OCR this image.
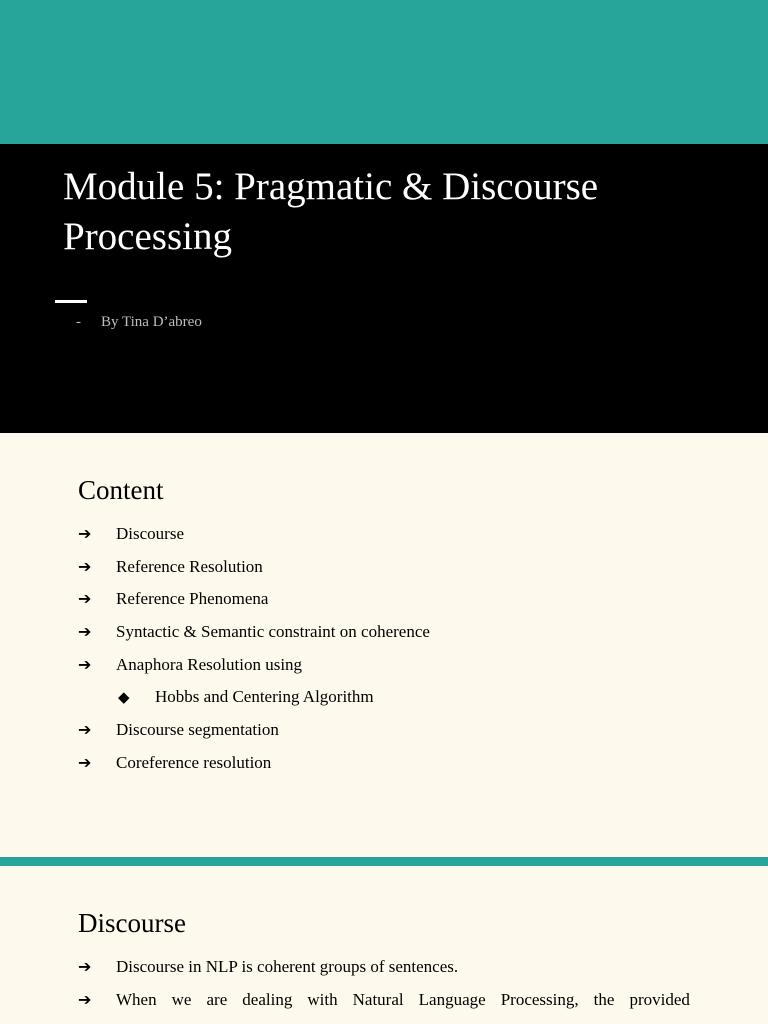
Module 5: Pragmatic & Discourse
Processing
- By Tina D’abreo
Content
➔ Discourse
➔ Reference Resolution
➔ Reference Phenomena
➔ Syntactic & Semantic constraint on coherence
➔ Anaphora Resolution using
◆ Hobbs and Centering Algorithm
➔ Discourse segmentation
➔ Coreference resolution
Discourse
➔ Discourse in NLP is coherent groups of sentences.
➔ When we are dealing with Natural Language Processing, the provided
